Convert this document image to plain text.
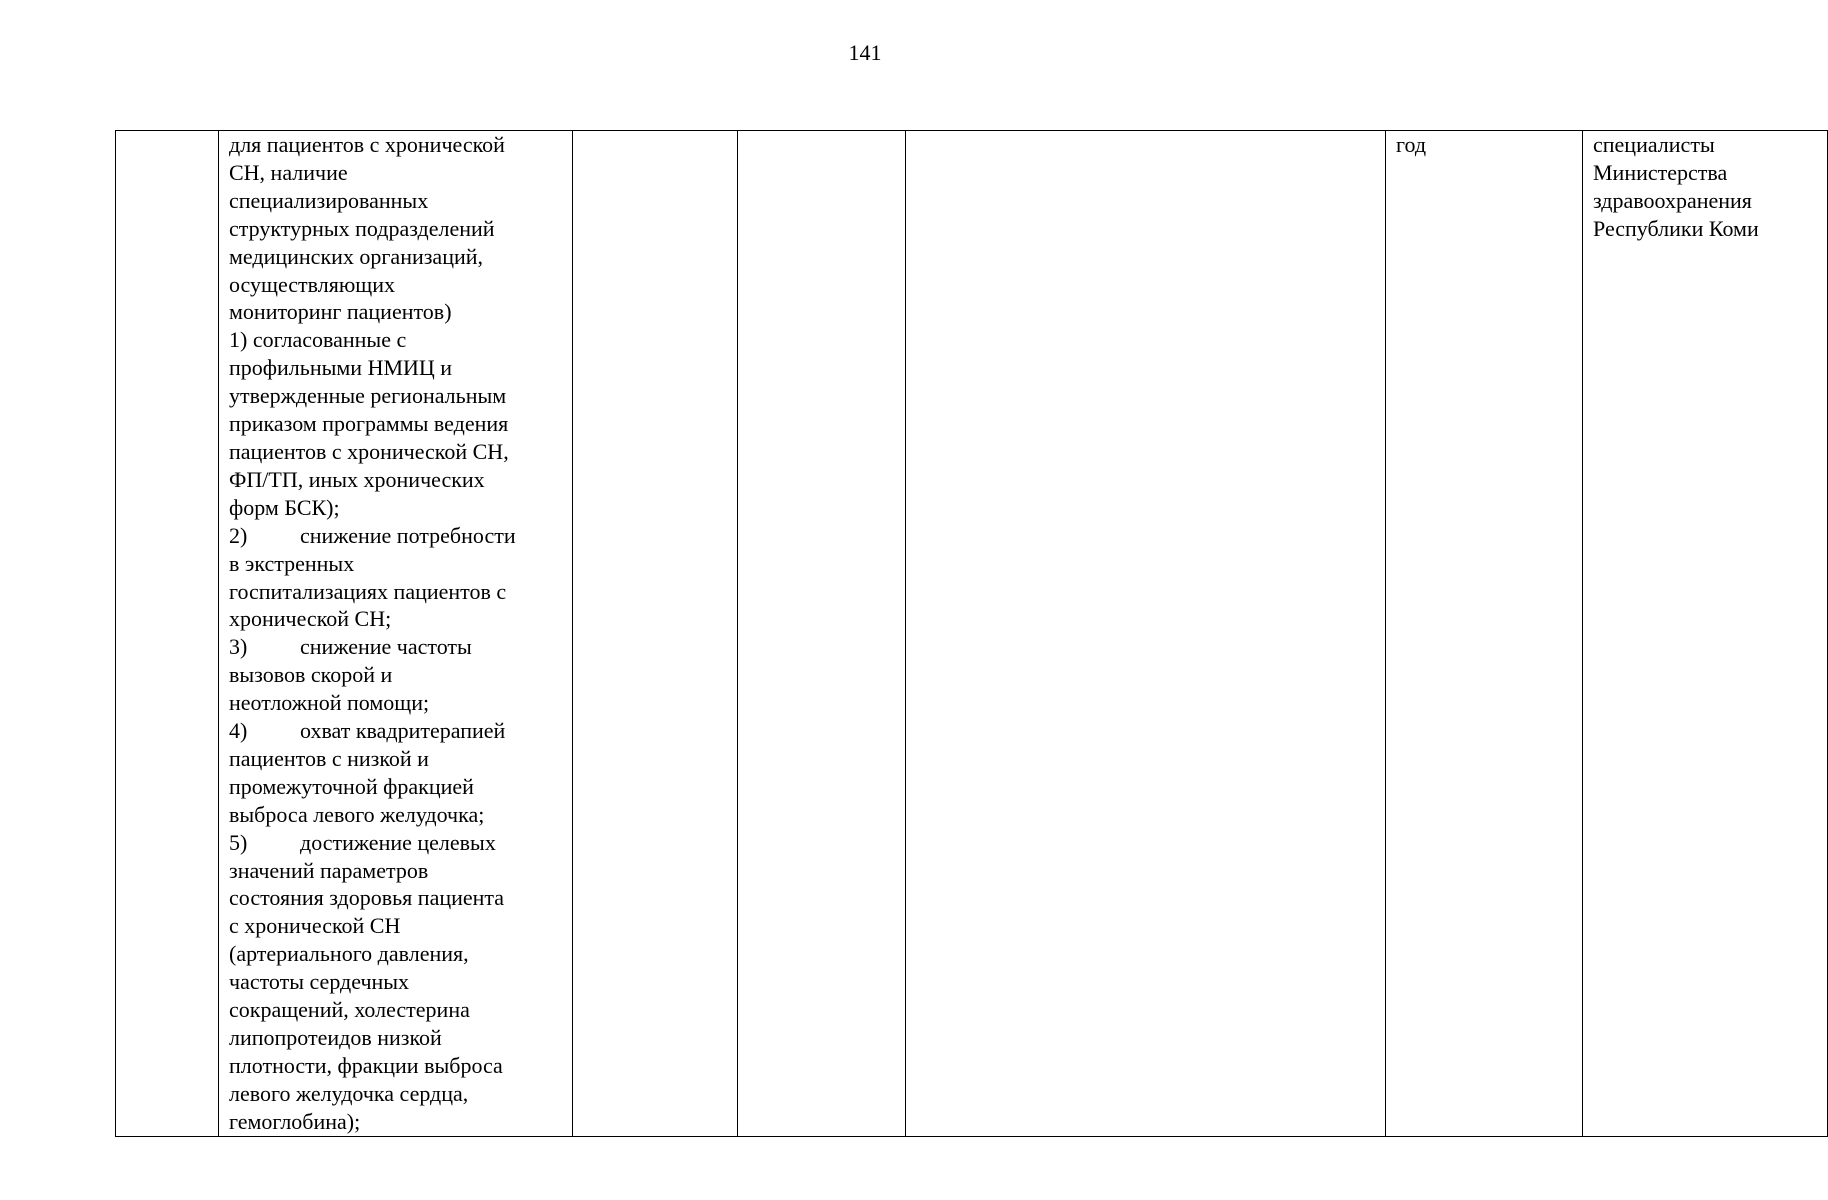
141

для пациентов с хронической
СН, наличие
специализированных
структурных подразделений
медицинских организаций,
осуществляющих
мониторинг пациентов)
1) согласованные с
профильными НМИЦ и
утвержденные региональным
приказом программы ведения
пациентов с хронической СН,
ФП/ТП, иных хронических
форм БСК);
2) снижение потребности
в экстренных
госпитализациях пациентов с
хронической СН;
3) снижение частоты
вызовов скорой и
неотложной помощи;
4) охват квадритерапией
пациентов с низкой и
промежуточной фракцией
выброса левого желудочка;
5) достижение целевых
значений параметров
состояния здоровья пациента
с хронической СН
(артериального давления,
частоты сердечных
сокращений, холестерина
липопротеидов низкой
плотности, фракции выброса
левого желудочка сердца,
гемоглобина);
				год	специалисты
Министерства
здравоохранения
Республики Коми
